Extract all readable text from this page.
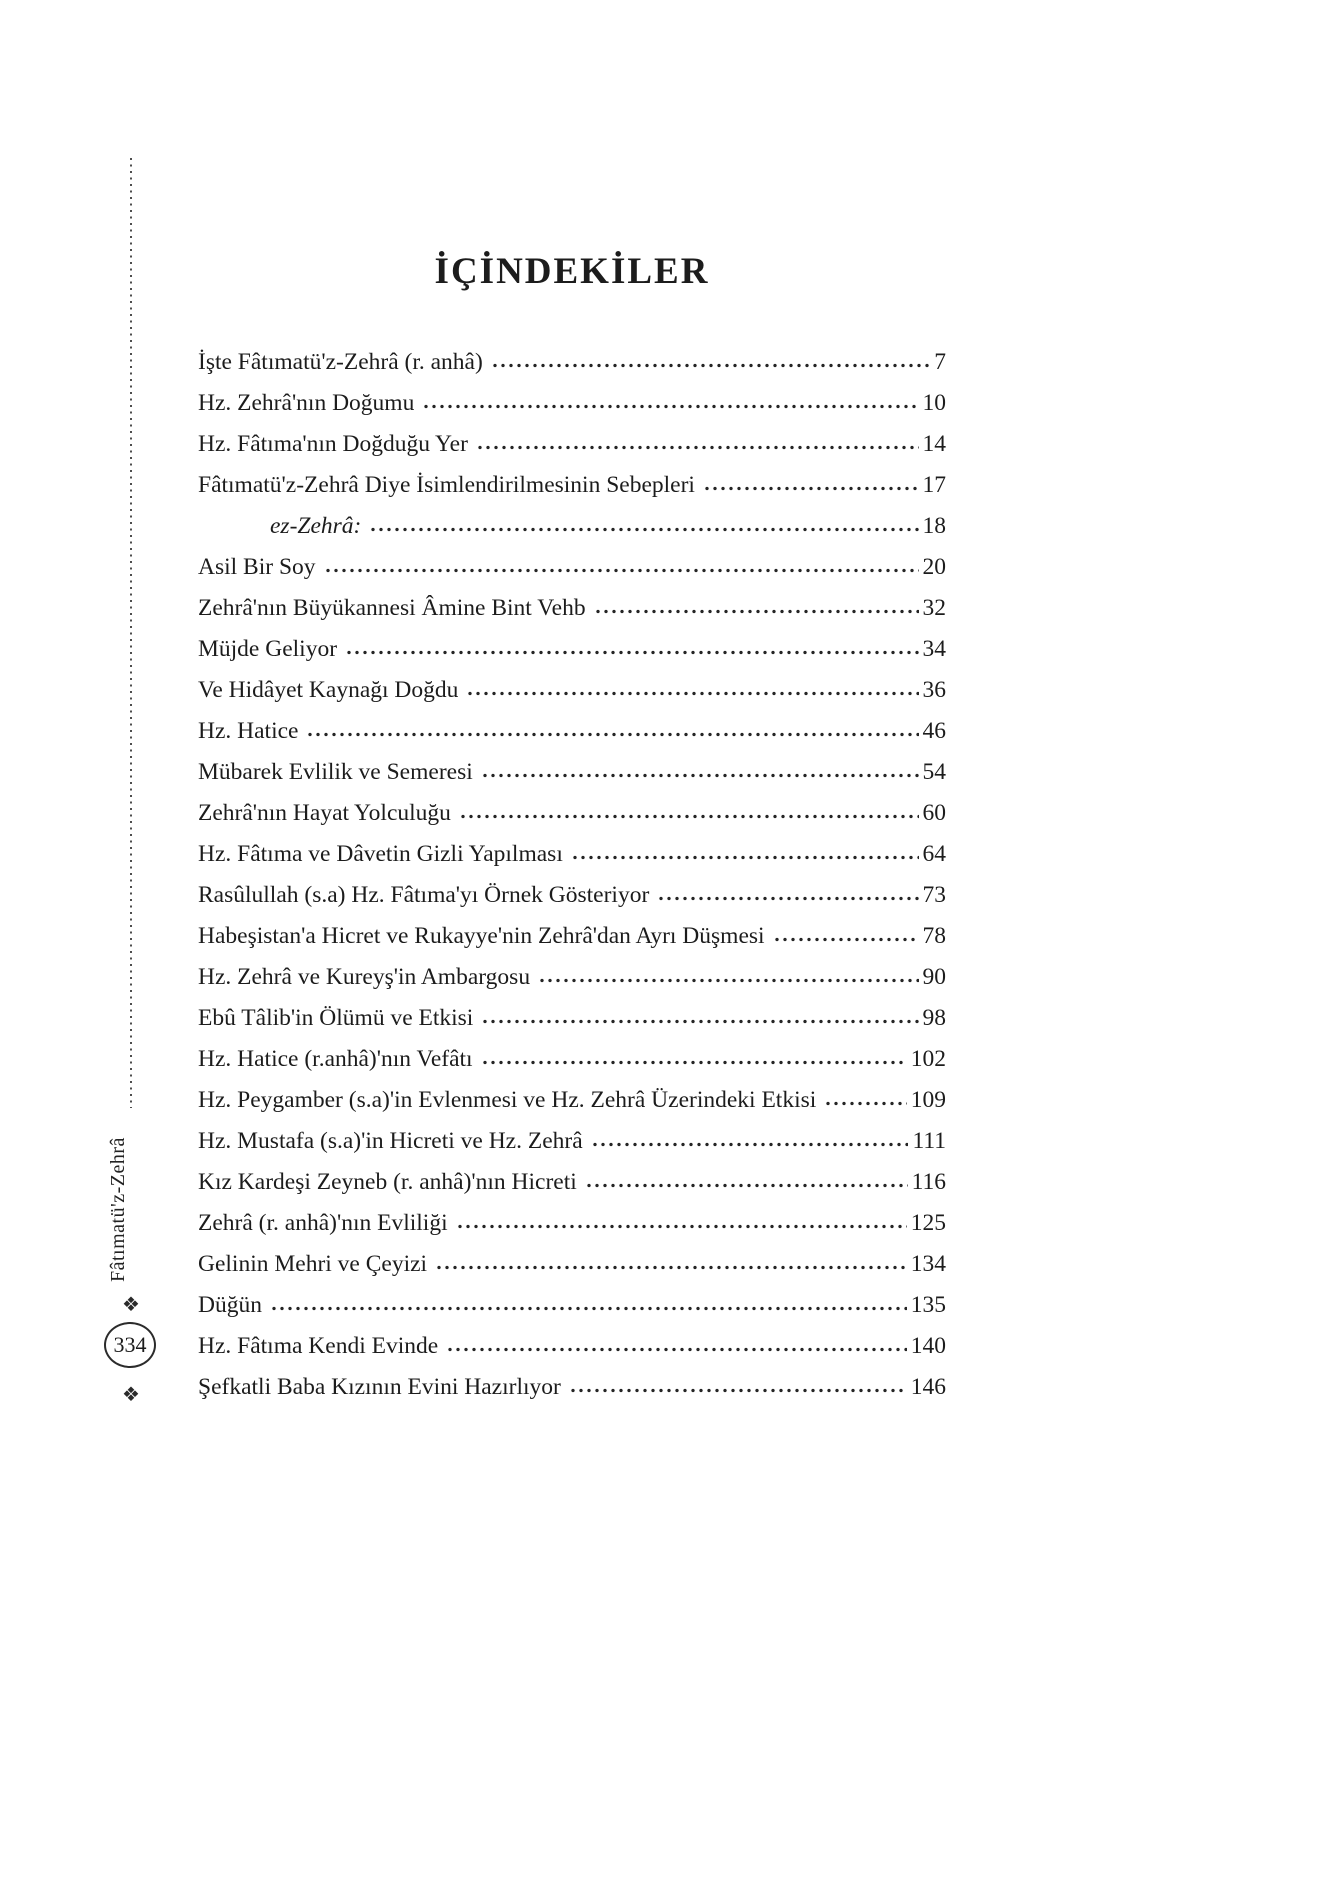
Fâtımatü'z-Zehrâ
❖
334
❖
İÇİNDEKİLER
İşte Fâtımatü'z-Zehrâ (r. anhâ)	7
Hz. Zehrâ'nın Doğumu	10
Hz. Fâtıma'nın Doğduğu Yer	14
Fâtımatü'z-Zehrâ Diye İsimlendirilmesinin Sebepleri	17
ez-Zehrâ:	18
Asil Bir Soy	20
Zehrâ'nın Büyükannesi Âmine Bint Vehb	32
Müjde Geliyor	34
Ve Hidâyet Kaynağı Doğdu	36
Hz. Hatice	46
Mübarek Evlilik ve Semeresi	54
Zehrâ'nın Hayat Yolculuğu	60
Hz. Fâtıma ve Dâvetin Gizli Yapılması	64
Rasûlullah (s.a) Hz. Fâtıma'yı Örnek Gösteriyor	73
Habeşistan'a Hicret ve Rukayye'nin Zehrâ'dan Ayrı Düşmesi	78
Hz. Zehrâ ve Kureyş'in Ambargosu	90
Ebû Tâlib'in Ölümü ve Etkisi	98
Hz. Hatice (r.anhâ)'nın Vefâtı	102
Hz. Peygamber (s.a)'in Evlenmesi ve Hz. Zehrâ Üzerindeki Etkisi	109
Hz. Mustafa (s.a)'in Hicreti ve Hz. Zehrâ	111
Kız Kardeşi Zeyneb (r. anhâ)'nın Hicreti	116
Zehrâ (r. anhâ)'nın Evliliği	125
Gelinin Mehri ve Çeyizi	134
Düğün	135
Hz. Fâtıma Kendi Evinde	140
Şefkatli Baba Kızının Evini Hazırlıyor	146
